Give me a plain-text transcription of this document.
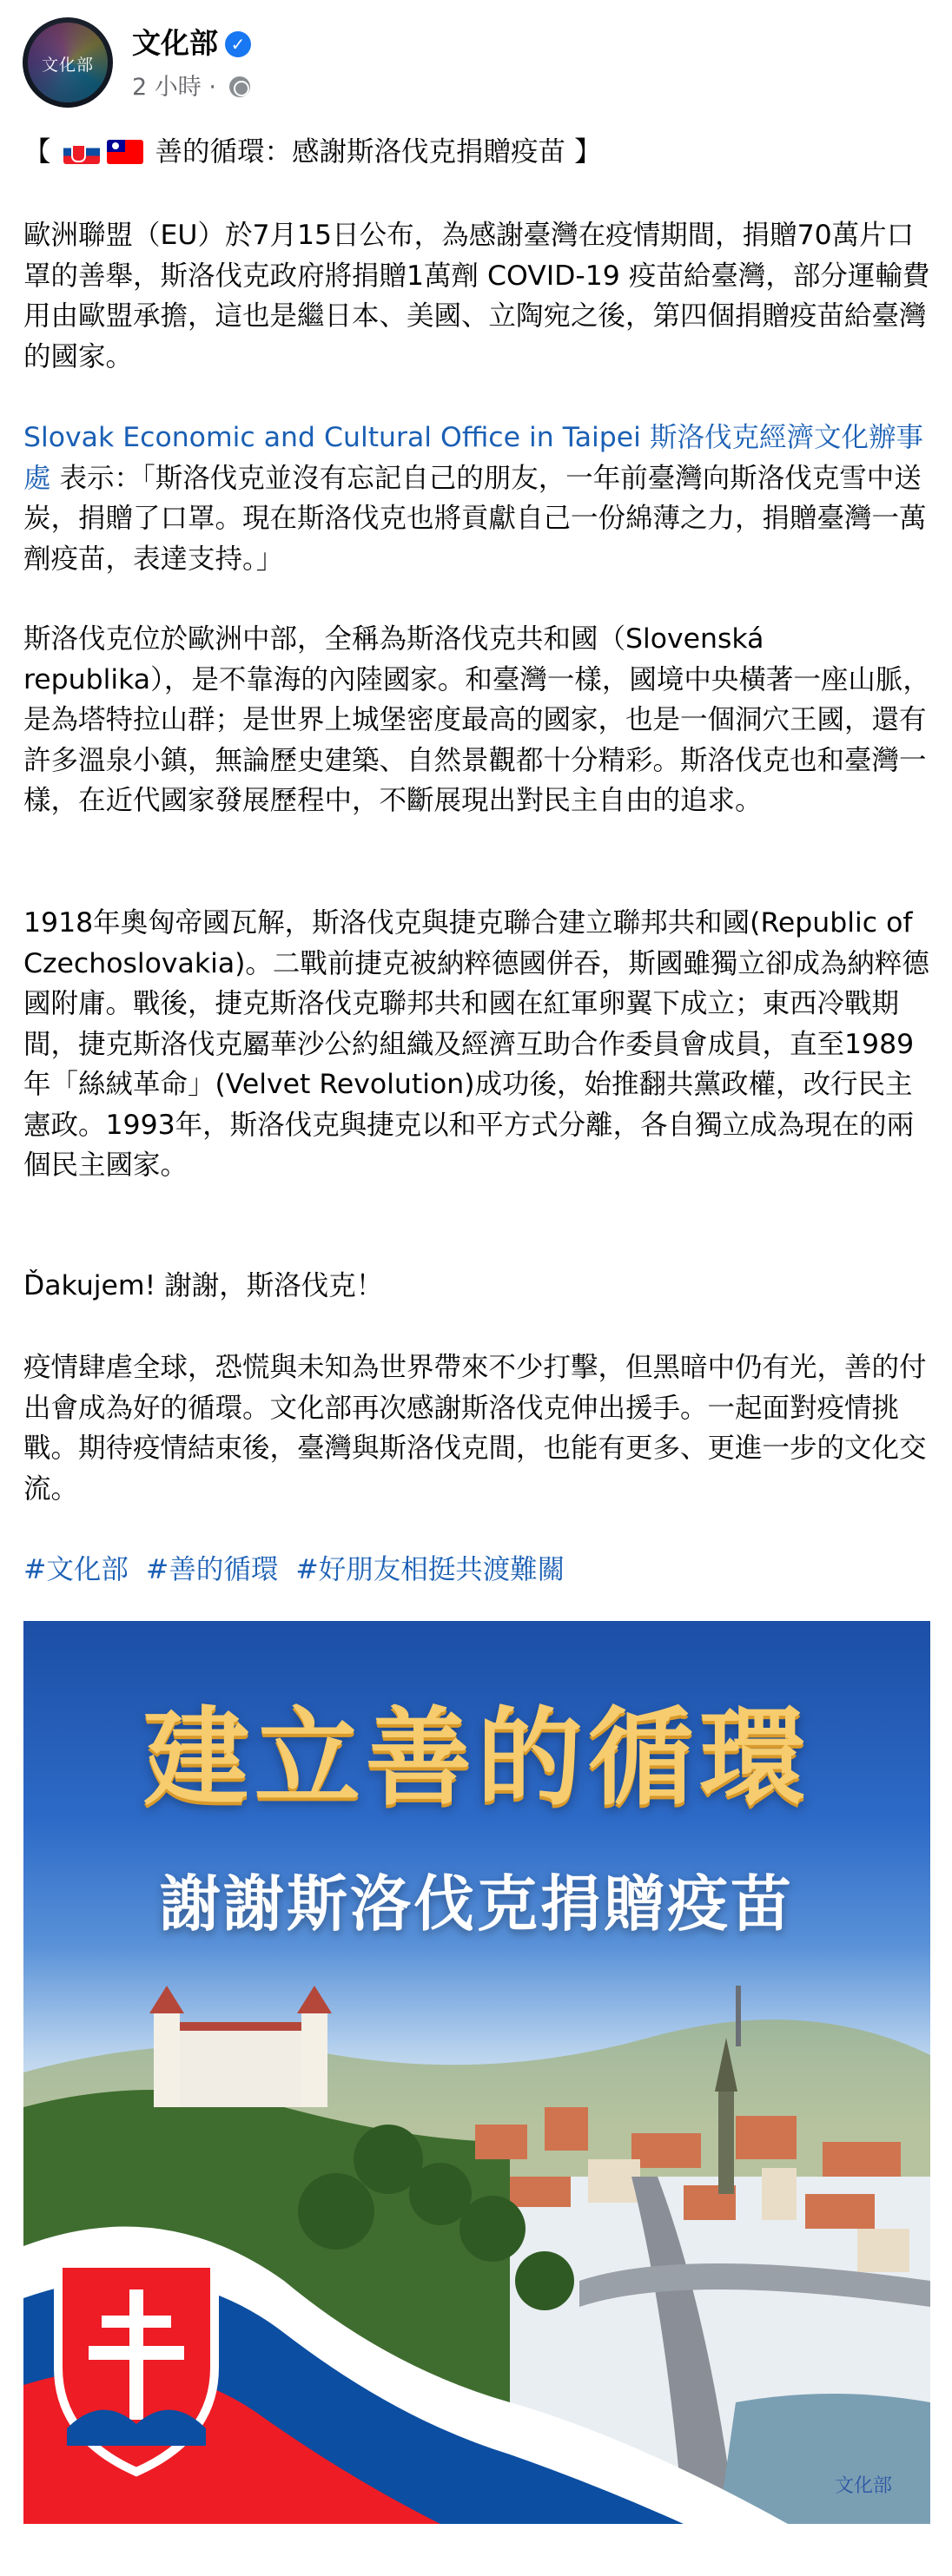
文化部
文化部 ✓
2 小時 ·
【	善的循環：感謝斯洛伐克捐贈疫苗 】
歐洲聯盟（EU）於7月15日公布，為感謝臺灣在疫情期間，捐贈70萬片口罩的善舉，斯洛伐克政府將捐贈1萬劑 COVID-19 疫苗給臺灣，部分運輸費用由歐盟承擔，這也是繼日本、美國、立陶宛之後，第四個捐贈疫苗給臺灣的國家。
Slovak Economic and Cultural Office in Taipei 斯洛伐克經濟文化辦事處 表示：「斯洛伐克並沒有忘記自己的朋友，一年前臺灣向斯洛伐克雪中送炭，捐贈了口罩。現在斯洛伐克也將貢獻自己一份綿薄之力，捐贈臺灣一萬劑疫苗，表達支持。」
斯洛伐克位於歐洲中部，全稱為斯洛伐克共和國（Slovenská republika），是不靠海的內陸國家。和臺灣一樣，國境中央橫著一座山脈，是為塔特拉山群；是世界上城堡密度最高的國家，也是一個洞穴王國，還有許多溫泉小鎮，無論歷史建築、自然景觀都十分精彩。斯洛伐克也和臺灣一樣，在近代國家發展歷程中，不斷展現出對民主自由的追求。
1918年奧匈帝國瓦解，斯洛伐克與捷克聯合建立聯邦共和國(Republic of Czechoslovakia)。二戰前捷克被納粹德國併吞，斯國雖獨立卻成為納粹德國附庸。戰後，捷克斯洛伐克聯邦共和國在紅軍卵翼下成立；東西冷戰期間，捷克斯洛伐克屬華沙公約組織及經濟互助合作委員會成員，直至1989年「絲絨革命」(Velvet Revolution)成功後，始推翻共黨政權，改行民主憲政。1993年，斯洛伐克與捷克以和平方式分離，各自獨立成為現在的兩個民主國家。
Ďakujem! 謝謝，斯洛伐克！
疫情肆虐全球，恐慌與未知為世界帶來不少打擊，但黑暗中仍有光，善的付出會成為好的循環。文化部再次感謝斯洛伐克伸出援手。一起面對疫情挑戰。期待疫情結束後，臺灣與斯洛伐克間，也能有更多、更進一步的文化交流。
#文化部 #善的循環 #好朋友相挺共渡難關
建立善的循環
謝謝斯洛伐克捐贈疫苗
文化部
